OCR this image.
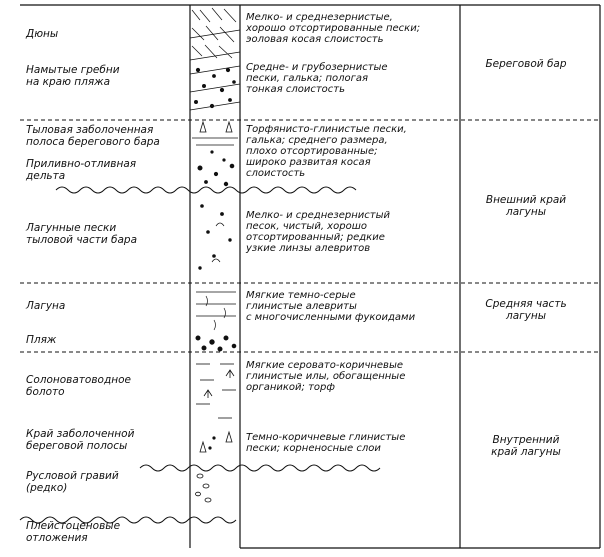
Дюны
Намытые гребни
на краю пляжа
Тыловая заболоченная
полоса берегового бара
Приливно-отливная
дельта
Лагунные пески
тыловой части бара
Лагуна
Пляж
Солоноватоводное
болото
Край заболоченной
береговой полосы
Русловой гравий
(редко)
Плейстоценовые
отложения
Мелко- и среднезернистые,
хорошо отсортированные пески;
эоловая косая слоистость
Средне- и грубозернистые
пески, галька; пологая
тонкая слоистость
Торфянисто-глинистые пески,
галька; среднего размера,
плохо отсортированные;
широко развитая косая
слоистость
Мелко- и среднезернистый
песок, чистый, хорошо
отсортированный; редкие
узкие линзы алевритов
Мягкие темно-серые
глинистые алевриты
с многочисленными фукоидами
Мягкие серовато-коричневые
глинистые илы, обогащенные
органикой; торф
Темно-коричневые глинистые
пески; корненосные слои
Береговой бар
Внешний край
лагуны
Средняя часть
лагуны
Внутренний
край лагуны
